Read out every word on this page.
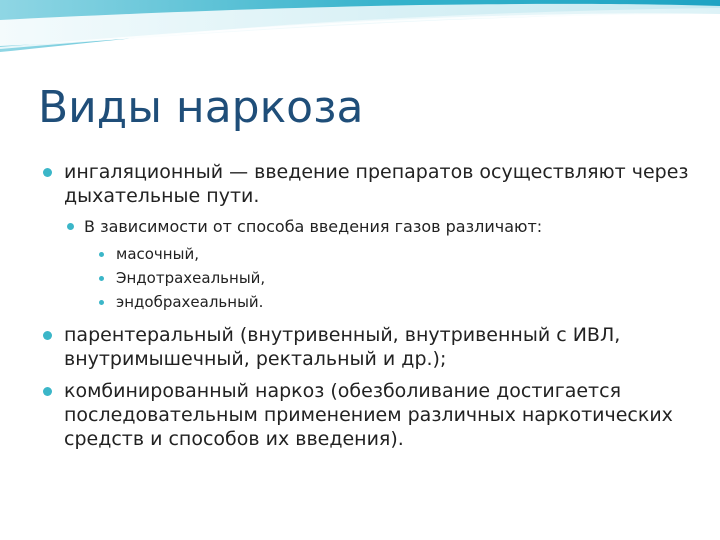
Виды наркоза
ингаляционный — введение препаратов осуществляют через дыхательные пути.
В зависимости от способа введения газов различают:
масочный,
Эндотрахеальный,
эндобрахеальный.
парентеральный (внутривенный, внутривенный с ИВЛ, внутримышечный, ректальный и др.);
комбинированный наркоз (обезболивание достигается последовательным применением различных наркотических средств и способов их введения).
